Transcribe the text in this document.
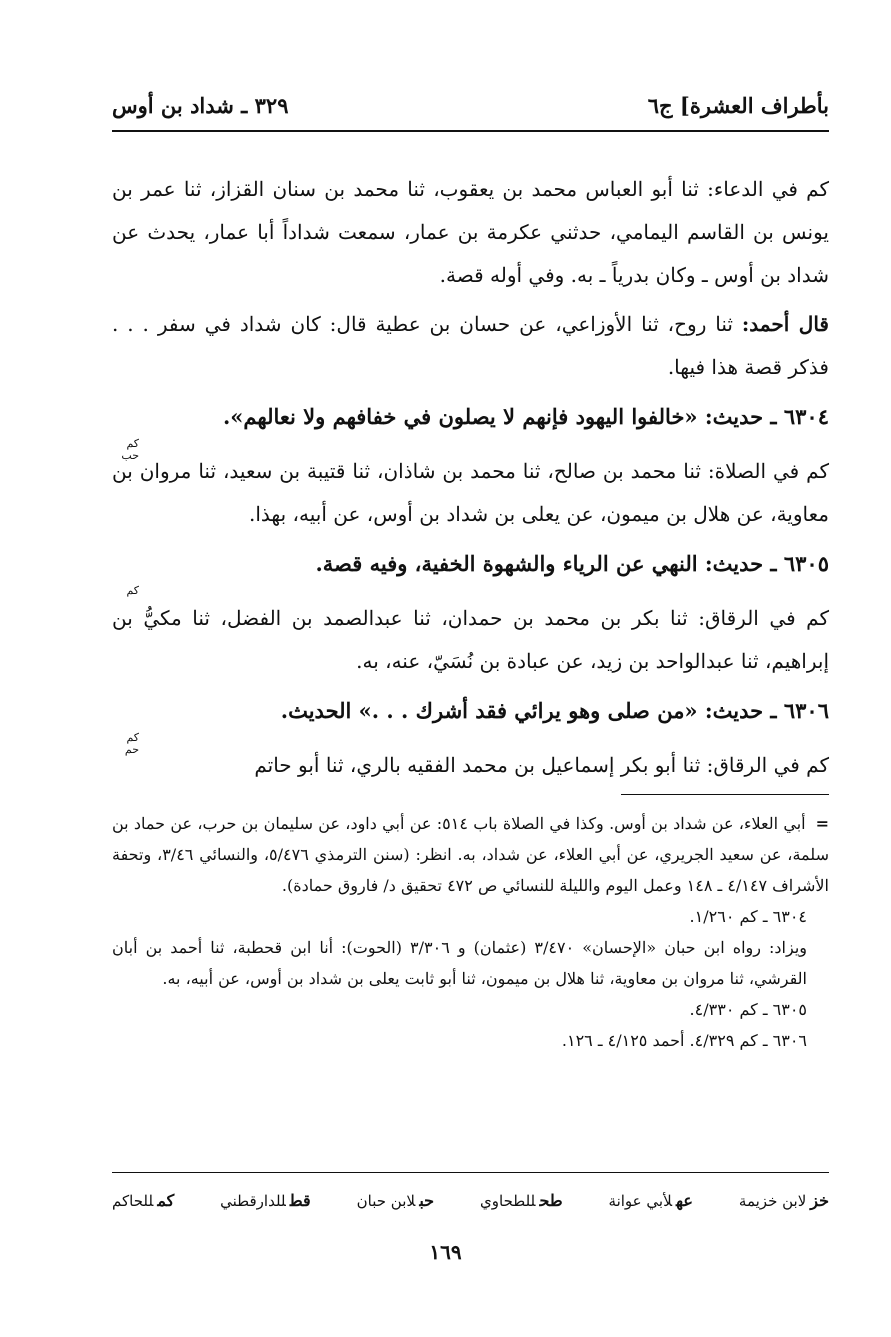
بأطراف العشرة] ج٦
٣٢٩ ـ شداد بن أوس

كم في الدعاء: ثنا أبو العباس محمد بن يعقوب، ثنا محمد بن سنان القزاز، ثنا عمر بن يونس بن القاسم اليمامي، حدثني عكرمة بن عمار، سمعت شداداً أبا عمار، يحدث عن شداد بن أوس ـ وكان بدرياً ـ به. وفي أوله قصة.

قال أحمد: ثنا روح، ثنا الأوزاعي، عن حسان بن عطية قال: كان شداد في سفر . . . فذكر قصة هذا فيها.

٦٣٠٤ ـ حديث: «خالفوا اليهود فإنهم لا يصلون في خفافهم ولا نعالهم».

كم حب

كم في الصلاة: ثنا محمد بن صالح، ثنا محمد بن شاذان، ثنا قتيبة بن سعيد، ثنا مروان بن معاوية، عن هلال بن ميمون، عن يعلى بن شداد بن أوس، عن أبيه، بهذا.

٦٣٠٥ ـ حديث: النهي عن الرياء والشهوة الخفية، وفيه قصة.

كم

كم في الرقاق: ثنا بكر بن محمد بن حمدان، ثنا عبدالصمد بن الفضل، ثنا مكيُّ بن إبراهيم، ثنا عبدالواحد بن زيد، عن عبادة بن نُسَيّ، عنه، به.

٦٣٠٦ ـ حديث: «من صلى وهو يرائي فقد أشرك . . .» الحديث.

كم حم

كم في الرقاق: ثنا أبو بكر إسماعيل بن محمد الفقيه بالري، ثنا أبو حاتم

=أبي العلاء، عن شداد بن أوس. وكذا في الصلاة باب ٥١٤: عن أبي داود، عن سليمان بن حرب، عن حماد بن سلمة، عن سعيد الجريري، عن أبي العلاء، عن شداد، به. انظر: (سنن الترمذي ٥/٤٧٦، والنسائي ٣/٤٦، وتحفة الأشراف ٤/١٤٧ ـ ١٤٨ وعمل اليوم والليلة للنسائي ص ٤٧٢ تحقيق د/ فاروق حمادة).

٦٣٠٤ ـ كم ١/٢٦٠.

ويزاد: رواه ابن حبان «الإحسان» ٣/٤٧٠ (عثمان) و ٣/٣٠٦ (الحوت): أنا ابن قحطبة، ثنا أحمد بن أبان القرشي، ثنا مروان بن معاوية، ثنا هلال بن ميمون، ثنا أبو ثابت يعلى بن شداد بن أوس، عن أبيه، به.

٦٣٠٥ ـ كم ٤/٣٣٠.

٦٣٠٦ ـ كم ٤/٣٢٩. أحمد ٤/١٢٥ ـ ١٢٦.

خزلابن خزيمة
عهلأبي عوانة
طحللطحاوي
حبلابن حبان
قطللدارقطني
كمللحاكم
١٦٩
